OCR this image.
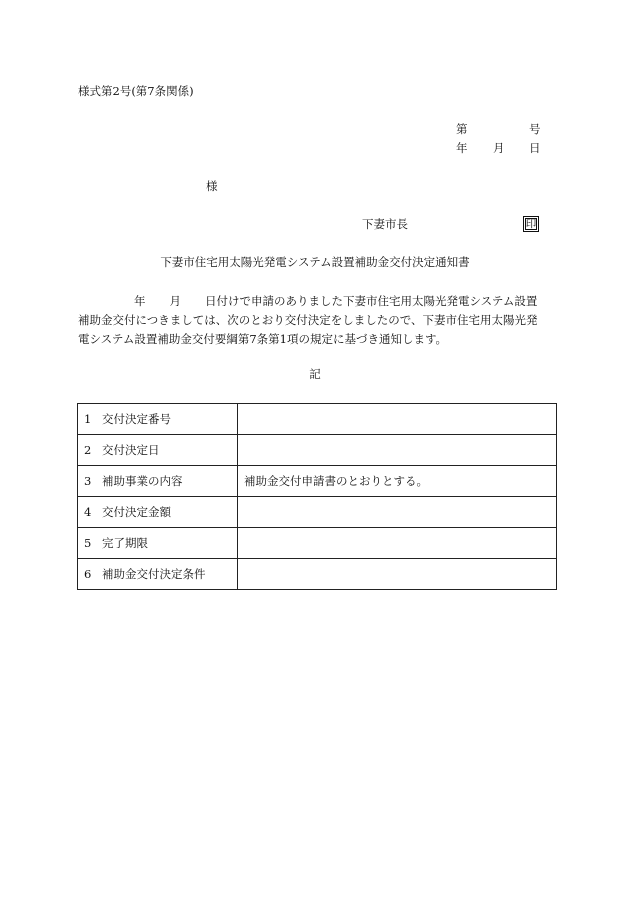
様式第2号(第7条関係)
第	号
年 月 日
様
下妻市長	印
下妻市住宅用太陽光発電システム設置補助金交付決定通知書
年 月 日付けで申請のありました下妻市住宅用太陽光発電システム設置
補助金交付につきましては、次のとおり交付決定をしましたので、下妻市住宅用太陽光発
電システム設置補助金交付要綱第7条第1項の規定に基づき通知します。
記
1 交付決定番号	
2 交付決定日	
3 補助事業の内容	補助金交付申請書のとおりとする。
4 交付決定金額	
5 完了期限	
6 補助金交付決定条件	
